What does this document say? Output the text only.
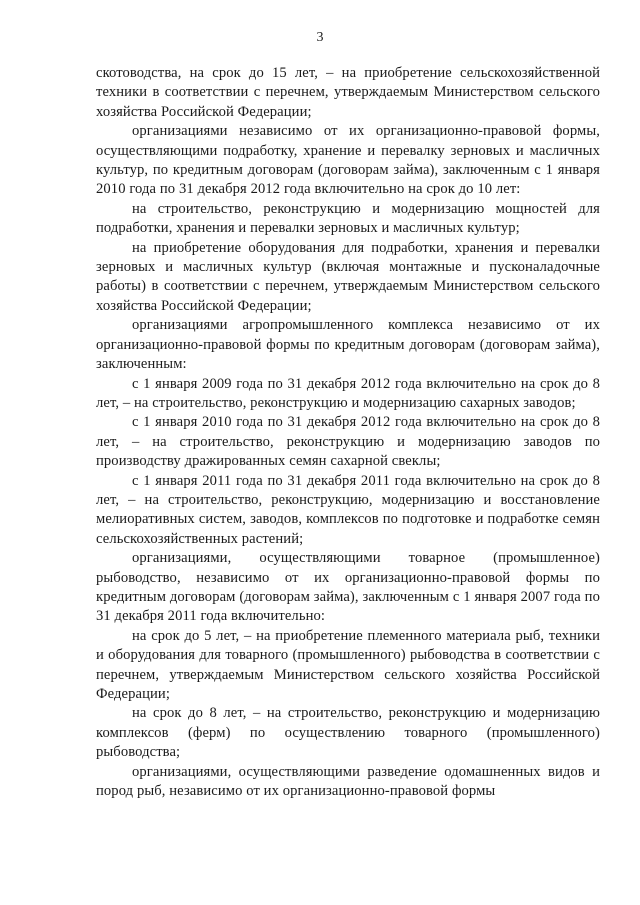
3

скотоводства, на срок до 15 лет, – на приобретение сельскохозяйственной техники в соответствии с перечнем, утверждаемым Министерством сельского хозяйства Российской Федерации;

организациями независимо от их организационно-правовой формы, осуществляющими подработку, хранение и перевалку зерновых и масличных культур, по кредитным договорам (договорам займа), заключенным с 1 января 2010 года по 31 декабря 2012 года включительно на срок до 10 лет:

на строительство, реконструкцию и модернизацию мощностей для подработки, хранения и перевалки зерновых и масличных культур;

на приобретение оборудования для подработки, хранения и перевалки зерновых и масличных культур (включая монтажные и пусконаладочные работы) в соответствии с перечнем, утверждаемым Министерством сельского хозяйства Российской Федерации;

организациями агропромышленного комплекса независимо от их организационно-правовой формы по кредитным договорам (договорам займа), заключенным:

с 1 января 2009 года по 31 декабря 2012 года включительно на срок до 8 лет, – на строительство, реконструкцию и модернизацию сахарных заводов;

с 1 января 2010 года по 31 декабря 2012 года включительно на срок до 8 лет, – на строительство, реконструкцию и модернизацию заводов по производству дражированных семян сахарной свеклы;

с 1 января 2011 года по 31 декабря 2011 года включительно на срок до 8 лет, – на строительство, реконструкцию, модернизацию и восстановление мелиоративных систем, заводов, комплексов по подготовке и подработке семян сельскохозяйственных растений;

организациями, осуществляющими товарное (промышленное) рыбоводство, независимо от их организационно-правовой формы по кредитным договорам (договорам займа), заключенным с 1 января 2007 года по 31 декабря 2011 года включительно:

на срок до 5 лет, – на приобретение племенного материала рыб, техники и оборудования для товарного (промышленного) рыбоводства в соответствии с перечнем, утверждаемым Министерством сельского хозяйства Российской Федерации;

на срок до 8 лет, – на строительство, реконструкцию и модернизацию комплексов (ферм) по осуществлению товарного (промышленного) рыбоводства;

организациями, осуществляющими разведение одомашненных видов и пород рыб, независимо от их организационно-правовой формы
